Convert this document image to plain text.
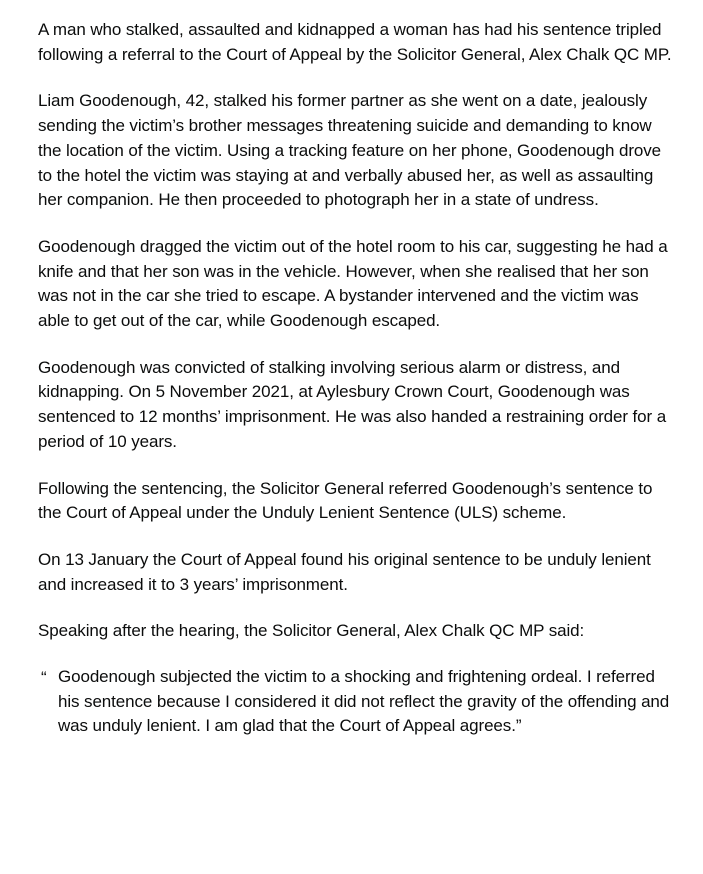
A man who stalked, assaulted and kidnapped a woman has had his sentence tripled following a referral to the Court of Appeal by the Solicitor General, Alex Chalk QC MP.

Liam Goodenough, 42, stalked his former partner as she went on a date, jealously sending the victim’s brother messages threatening suicide and demanding to know the location of the victim. Using a tracking feature on her phone, Goodenough drove to the hotel the victim was staying at and verbally abused her, as well as assaulting her companion. He then proceeded to photograph her in a state of undress.

Goodenough dragged the victim out of the hotel room to his car, suggesting he had a knife and that her son was in the vehicle. However, when she realised that her son was not in the car she tried to escape. A bystander intervened and the victim was able to get out of the car, while Goodenough escaped.

Goodenough was convicted of stalking involving serious alarm or distress, and kidnapping. On 5 November 2021, at Aylesbury Crown Court, Goodenough was sentenced to 12 months’ imprisonment. He was also handed a restraining order for a period of 10 years.

Following the sentencing, the Solicitor General referred Goodenough’s sentence to the Court of Appeal under the Unduly Lenient Sentence (ULS) scheme.

On 13 January the Court of Appeal found his original sentence to be unduly lenient and increased it to 3 years’ imprisonment.

Speaking after the hearing, the Solicitor General, Alex Chalk QC MP said:

“ Goodenough subjected the victim to a shocking and frightening ordeal. I referred his sentence because I considered it did not reflect the gravity of the offending and was unduly lenient. I am glad that the Court of Appeal agrees.”
